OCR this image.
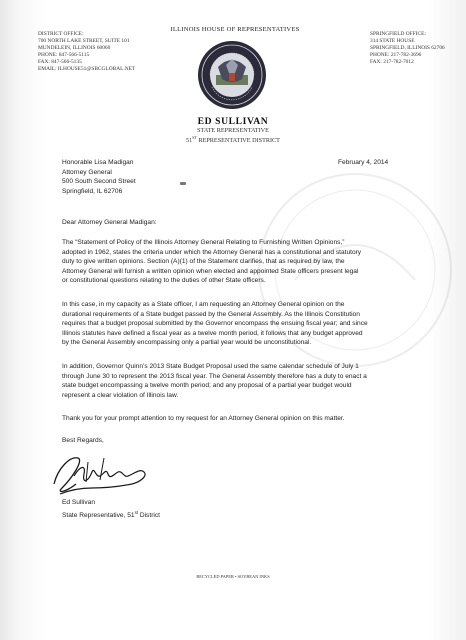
DISTRICT OFFICE:
700 NORTH LAKE STREET, SUITE 101
MUNDELEIN, ILLINOIS 60060
PHONE: 847-566-5115
FAX: 847-566-5135
EMAIL: ILHOUSE51@SBCGLOBAL.NET
ILLINOIS HOUSE OF REPRESENTATIVES
SPRINGFIELD OFFICE:
314 STATE HOUSE
SPRINGFIELD, ILLINOIS 62706
PHONE: 217-782-3696
FAX: 217-782-7012
ED SULLIVAN
STATE REPRESENTATIVE
51ST REPRESENTATIVE DISTRICT
Honorable Lisa Madigan
Attorney General
500 South Second Street
Springfield, IL 62706
February 4, 2014
Dear Attorney General Madigan:
The “Statement of Policy of the Illinois Attorney General Relating to Furnishing Written Opinions,”
adopted in 1962, states the criteria under which the Attorney General has a constitutional and statutory
duty to give written opinions. Section (A)(1) of the Statement clarifies, that as required by law, the
Attorney General will furnish a written opinion when elected and appointed State officers present legal
or constitutional questions relating to the duties of other State officers.
In this case, in my capacity as a State officer, I am requesting an Attorney General opinion on the
durational requirements of a State budget passed by the General Assembly. As the Illinois Constitution
requires that a budget proposal submitted by the Governor encompass the ensuing fiscal year; and since
Illinois statutes have defined a fiscal year as a twelve month period, it follows that any budget approved
by the General Assembly encompassing only a partial year would be unconstitutional.
In addition, Governor Quinn’s 2013 State Budget Proposal used the same calendar schedule of July 1
through June 30 to represent the 2013 fiscal year. The General Assembly therefore has a duty to enact a
state budget encompassing a twelve month period; and any proposal of a partial year budget would
represent a clear violation of Illinois law.
Thank you for your prompt attention to my request for an Attorney General opinion on this matter.
Best Regards,
Ed Sullivan
State Representative, 51st District
RECYCLED PAPER • SOYBEAN INKS
